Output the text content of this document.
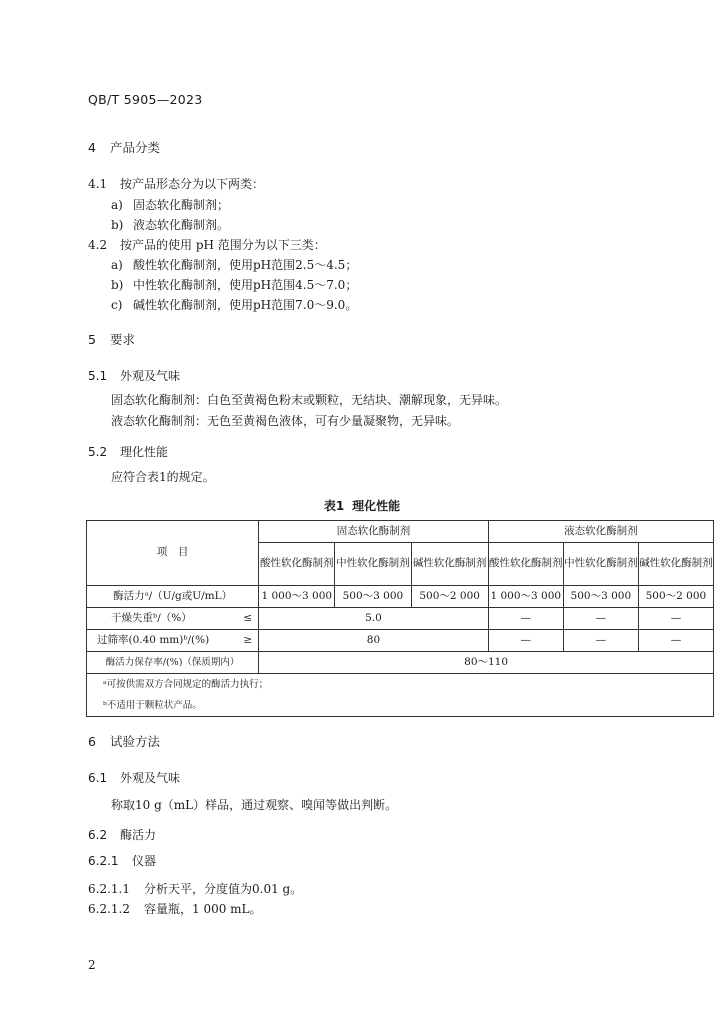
QB/T 5905—2023
4 产品分类
4.1 按产品形态分为以下两类：
a) 固态软化酶制剂；
b) 液态软化酶制剂。
4.2 按产品的使用 pH 范围分为以下三类：
a) 酸性软化酶制剂，使用pH范围2.5～4.5；
b) 中性软化酶制剂，使用pH范围4.5～7.0；
c) 碱性软化酶制剂，使用pH范围7.0～9.0。
5 要求
5.1 外观及气味
固态软化酶制剂：白色至黄褐色粉末或颗粒，无结块、潮解现象，无异味。
液态软化酶制剂：无色至黄褐色液体，可有少量凝聚物，无异味。
5.2 理化性能
应符合表1的规定。
表1 理化性能
项　目	固态软化酶制剂			液态软化酶制剂		
	酸性软化酶制剂	中性软化酶制剂	碱性软化酶制剂	酸性软化酶制剂	中性软化酶制剂	碱性软化酶制剂
酶活力ᵃ/（U/g或U/mL）	1 000～3 000	500～3 000	500～2 000	1 000～3 000	500～3 000	500～2 000

干燥失重ᵇ/（%） ≤	5.0			—	—	—

过筛率(0.40 mm)ᵇ/(%) ≥	80			—	—	—
酶活力保存率/(%)（保质期内）	80～110					
ᵃ可按供需双方合同规定的酶活力执行；						
ᵇ不适用于颗粒状产品。						
6 试验方法
6.1 外观及气味
称取10 g（mL）样品，通过观察、嗅闻等做出判断。
6.2 酶活力
6.2.1 仪器
6.2.1.1 分析天平，分度值为0.01 g。
6.2.1.2 容量瓶，1 000 mL。
2
